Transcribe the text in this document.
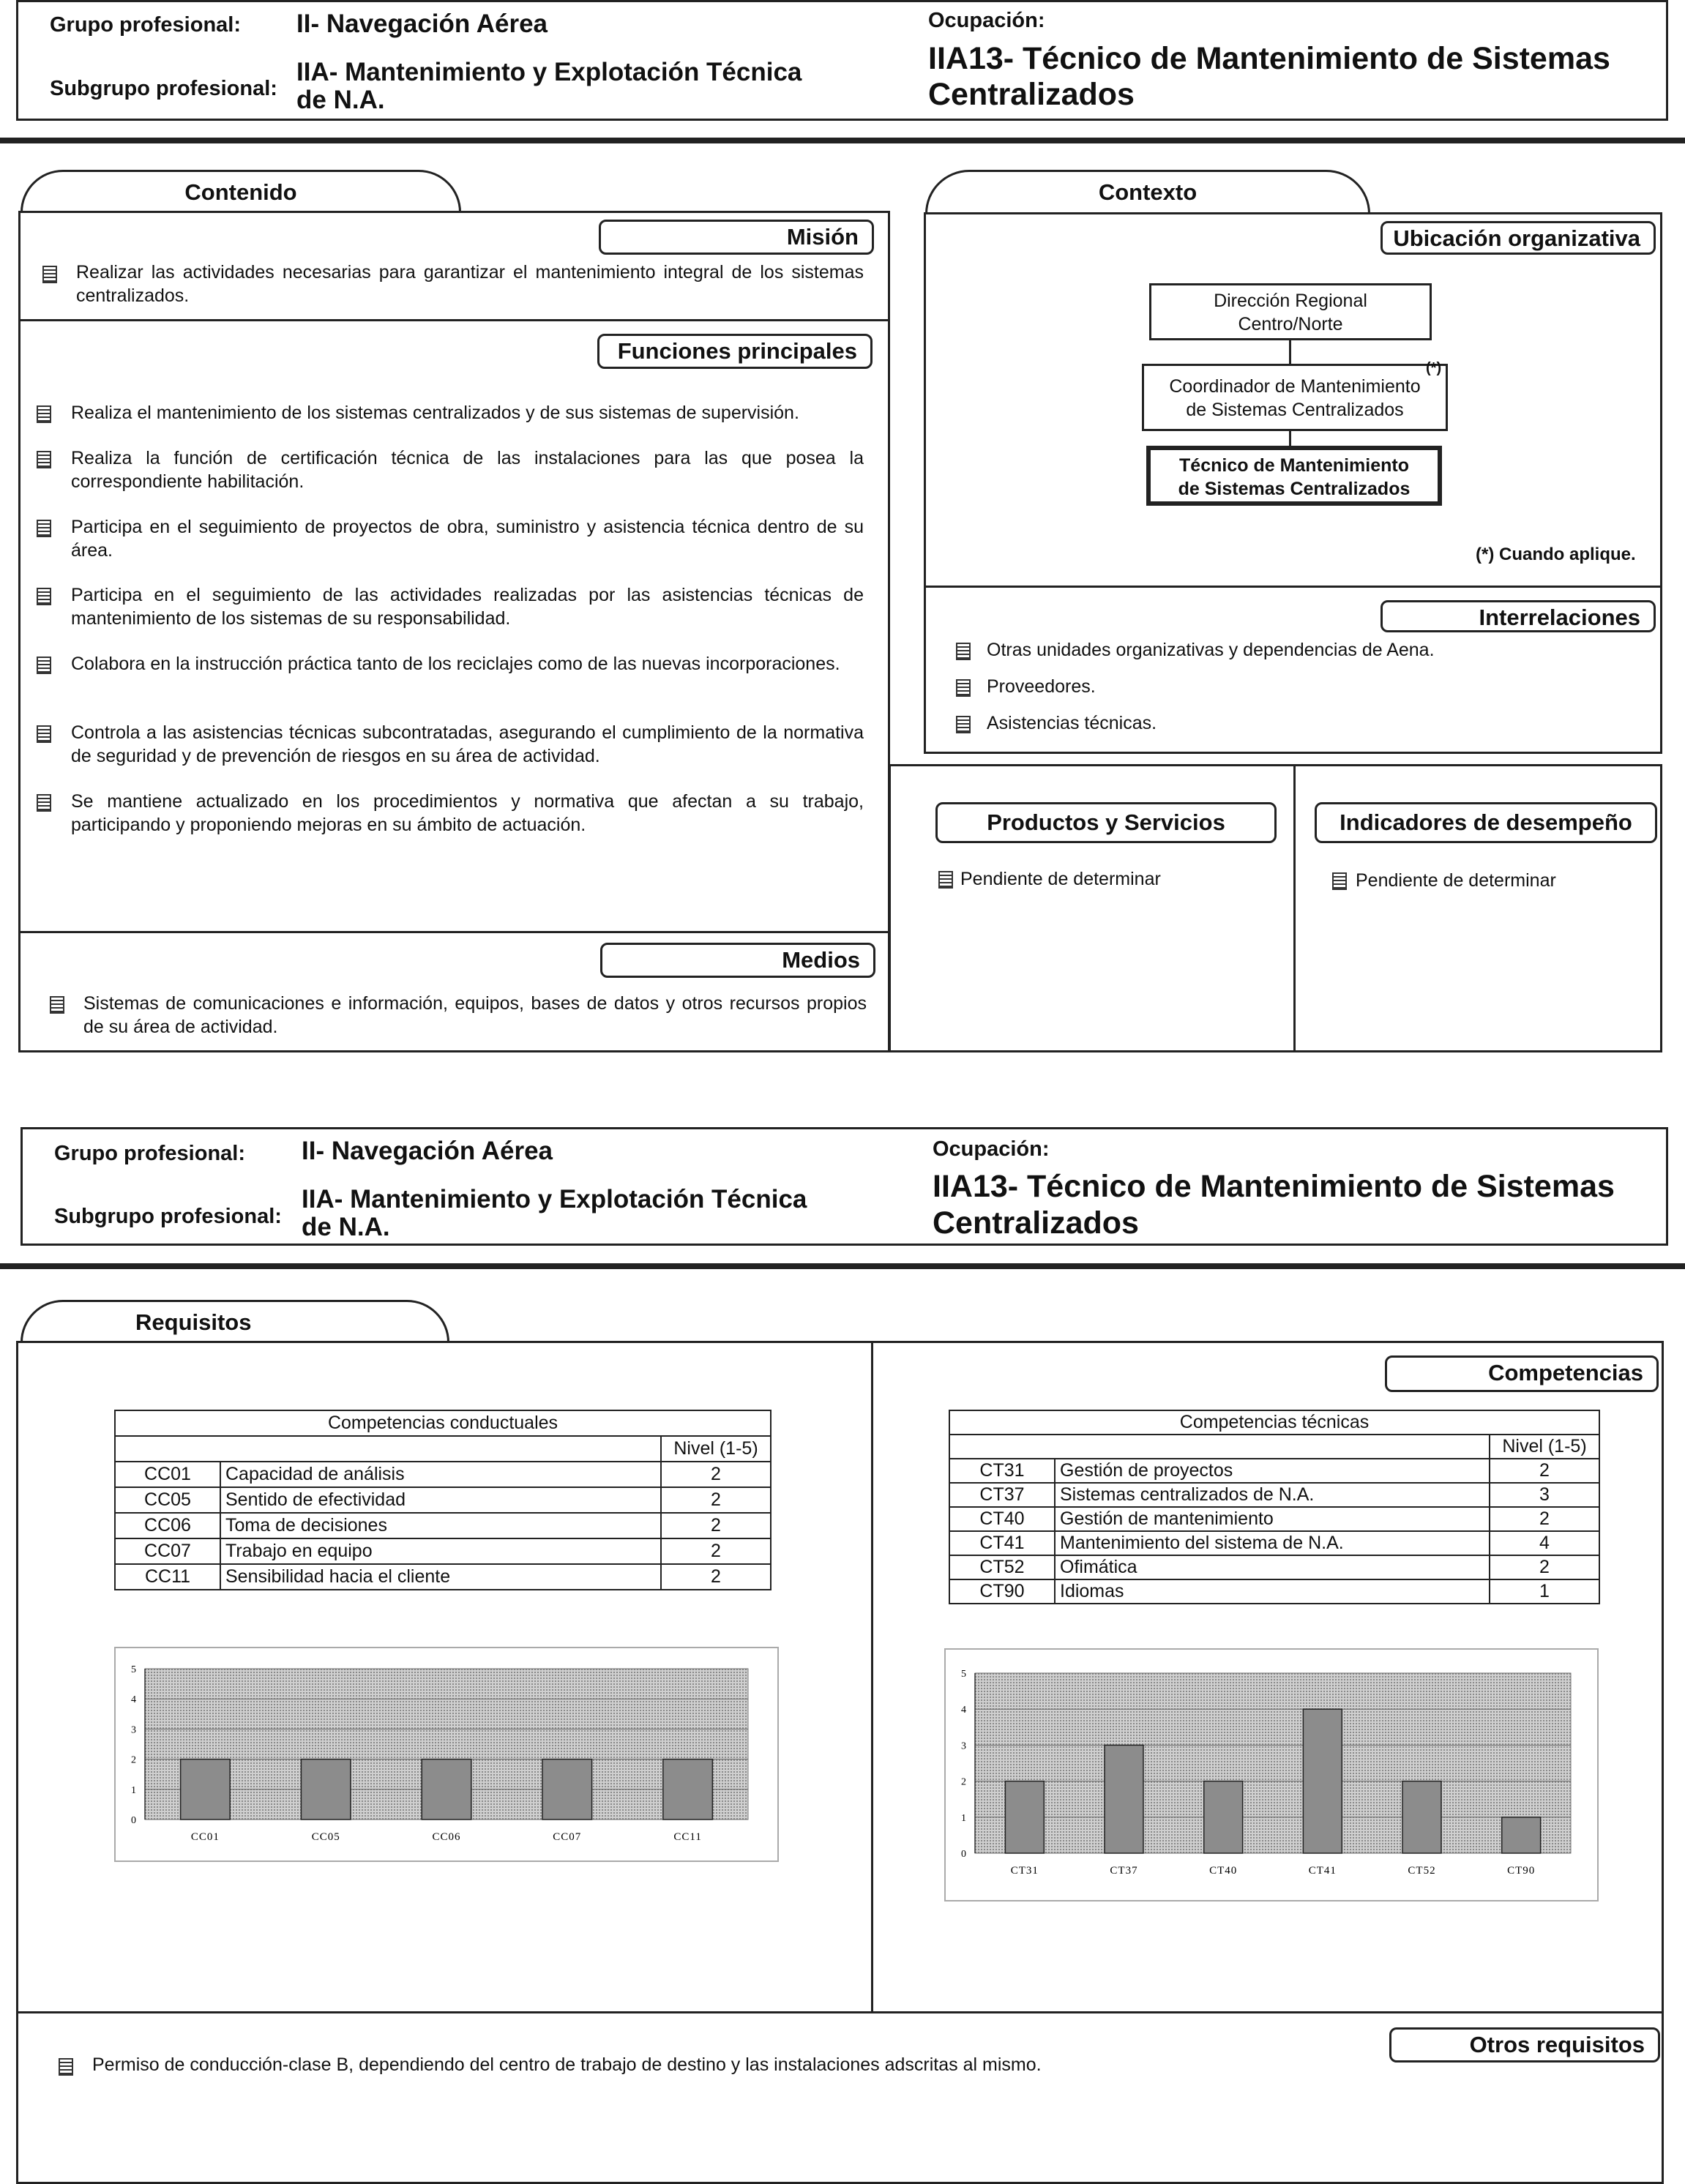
Grupo profesional: II- Navegación Aérea
Subgrupo profesional:
IIA- Mantenimiento y Explotación Técnica
de N.A.
Ocupación:
IIA13- Técnico de Mantenimiento de Sistemas
Centralizados
Contenido
Misión
Realizar las actividades necesarias para garantizar el mantenimiento integral de los sistemas centralizados.
Funciones principales
Realiza el mantenimiento de los sistemas centralizados y de sus sistemas de supervisión.
Realiza la función de certificación técnica de las instalaciones para las que posea la correspondiente habilitación.
Participa en el seguimiento de proyectos de obra, suministro y asistencia técnica dentro de su área.
Participa en el seguimiento de las actividades realizadas por las asistencias técnicas de mantenimiento de los sistemas de su responsabilidad.
Colabora en la instrucción práctica tanto de los reciclajes como de las nuevas incorporaciones.
Controla a las asistencias técnicas subcontratadas, asegurando el cumplimiento de la normativa de seguridad y de prevención de riesgos en su área de actividad.
Se mantiene actualizado en los procedimientos y normativa que afectan a su trabajo, participando y proponiendo mejoras en su ámbito de actuación.
Medios
Sistemas de comunicaciones e información, equipos, bases de datos y otros recursos propios de su área de actividad.
Contexto
Ubicación organizativa
Dirección Regional
Centro/Norte
Coordinador de Mantenimiento
de Sistemas Centralizados
(*)
Técnico de Mantenimiento
de Sistemas Centralizados
(*) Cuando aplique.
Interrelaciones
Otras unidades organizativas y dependencias de Aena.
Proveedores.
Asistencias técnicas.
Productos y Servicios
Pendiente de determinar
Indicadores de desempeño
Pendiente de determinar
Grupo profesional: II- Navegación Aérea
Subgrupo profesional:
IIA- Mantenimiento y Explotación Técnica
de N.A.
Ocupación:
IIA13- Técnico de Mantenimiento de Sistemas
Centralizados
Requisitos
Competencias
Competencias conductuales		
		Nivel (1-5)
CC01	Capacidad de análisis	2
CC05	Sentido de efectividad	2
CC06	Toma de decisiones	2
CC07	Trabajo en equipo	2
CC11	Sensibilidad hacia el cliente	2
Competencias técnicas		
		Nivel (1-5)
CT31	Gestión de proyectos	2
CT37	Sistemas centralizados de N.A.	3
CT40	Gestión de mantenimiento	2
CT41	Mantenimiento del sistema de N.A.	4
CT52	Ofimática	2
CT90	Idiomas	1
0
1
2
3
4
5
CC01	CC05	CC06	CC07	CC11
0
1
2
3
4
5
CT31	CT37	CT40	CT41	CT52	CT90
Otros requisitos
Permiso de conducción-clase B, dependiendo del centro de trabajo de destino y las instalaciones adscritas al mismo.
